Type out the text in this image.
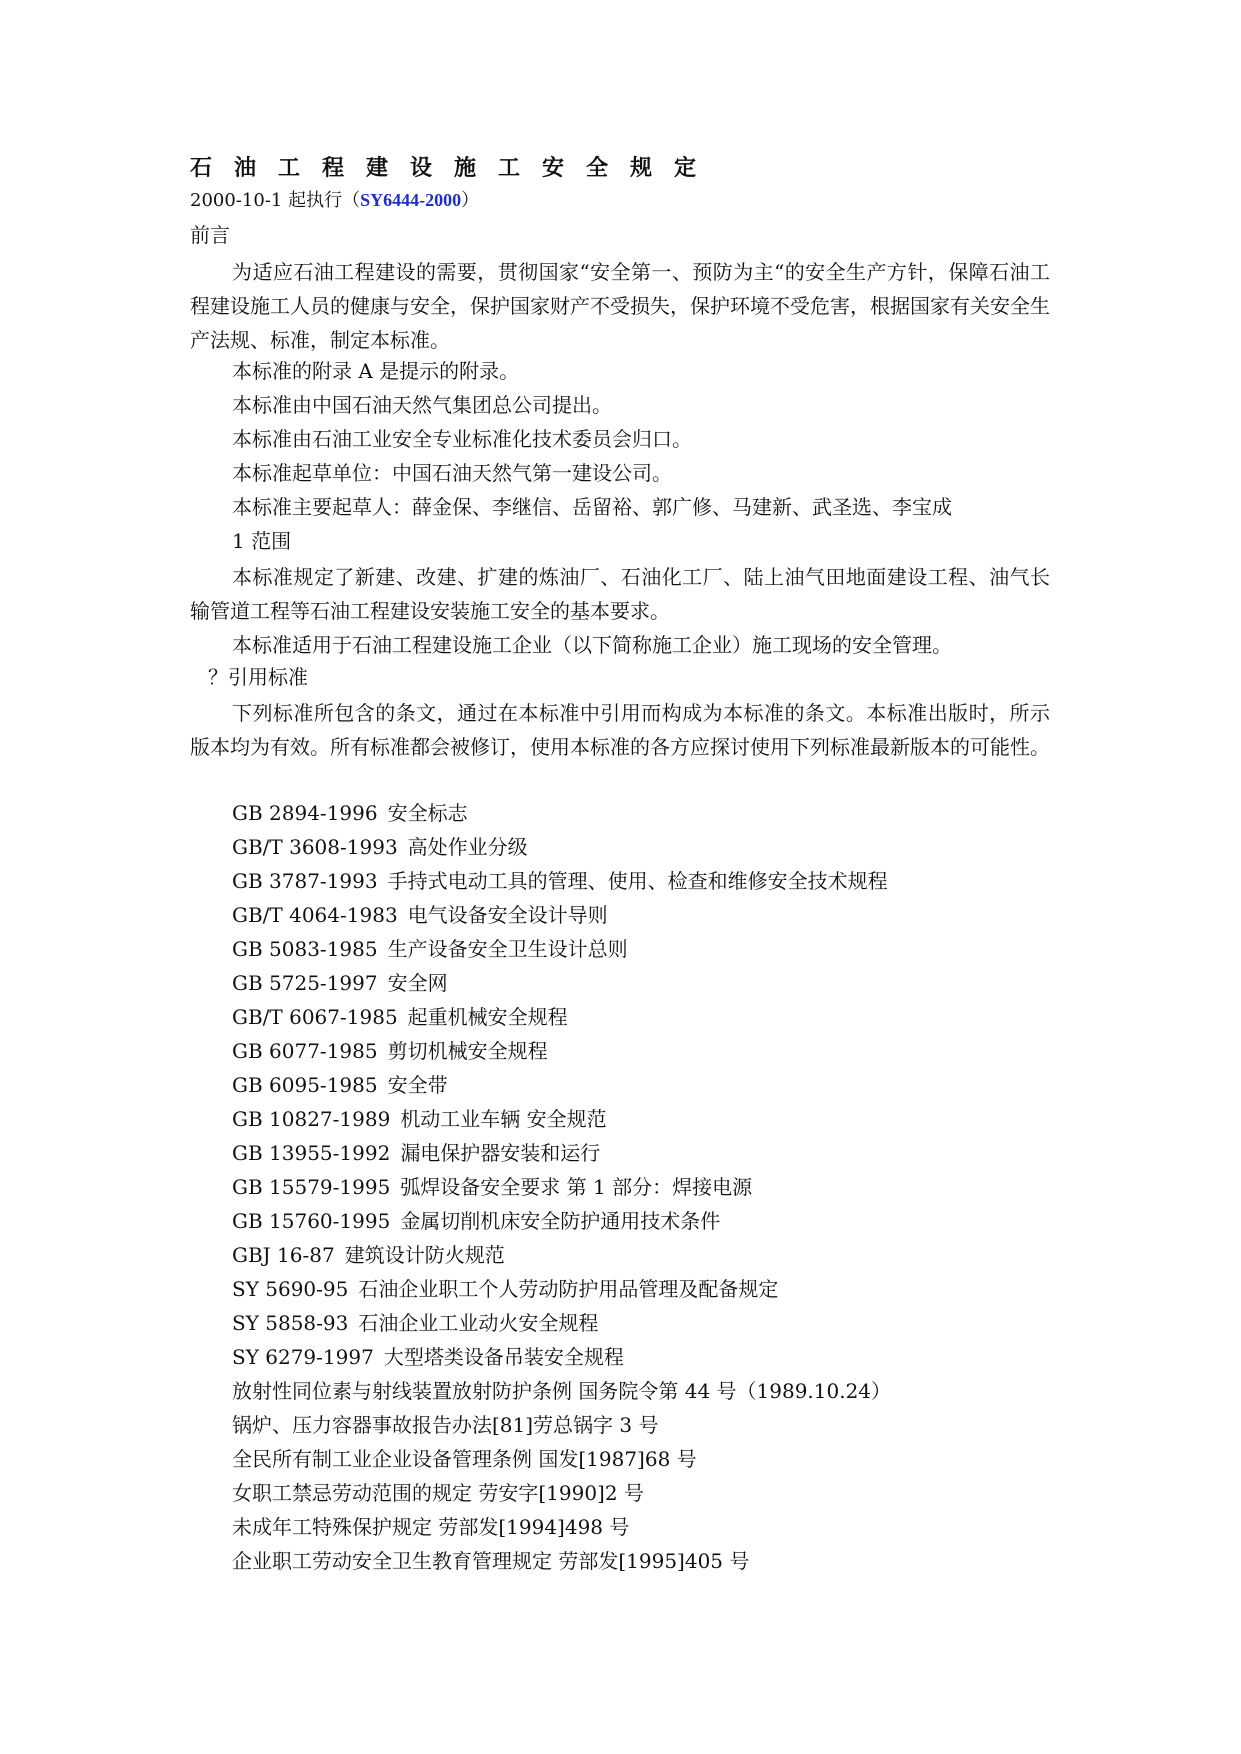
石油工程建设施工安全规定
2000-10-1 起执行（SY6444-2000）
前言
为适应石油工程建设的需要，贯彻国家“安全第一、预防为主“的安全生产方针，保障石油工程建设施工人员的健康与安全，保护国家财产不受损失，保护环境不受危害，根据国家有关安全生产法规、标准，制定本标准。
本标准的附录 A 是提示的附录。
本标准由中国石油天然气集团总公司提出。
本标准由石油工业安全专业标准化技术委员会归口。
本标准起草单位：中国石油天然气第一建设公司。
本标准主要起草人：薛金保、李继信、岳留裕、郭广修、马建新、武圣选、李宝成
1 范围
本标准规定了新建、改建、扩建的炼油厂、石油化工厂、陆上油气田地面建设工程、油气长输管道工程等石油工程建设安装施工安全的基本要求。
本标准适用于石油工程建设施工企业（以下简称施工企业）施工现场的安全管理。
？引用标准
下列标准所包含的条文，通过在本标准中引用而构成为本标准的条文。本标准出版时，所示版本均为有效。所有标准都会被修订，使用本标准的各方应探讨使用下列标准最新版本的可能性。
GB 2894-1996 安全标志
GB/T 3608-1993 高处作业分级
GB 3787-1993 手持式电动工具的管理、使用、检查和维修安全技术规程
GB/T 4064-1983 电气设备安全设计导则
GB 5083-1985 生产设备安全卫生设计总则
GB 5725-1997 安全网
GB/T 6067-1985 起重机械安全规程
GB 6077-1985 剪切机械安全规程
GB 6095-1985 安全带
GB 10827-1989 机动工业车辆 安全规范
GB 13955-1992 漏电保护器安装和运行
GB 15579-1995 弧焊设备安全要求 第 1 部分：焊接电源
GB 15760-1995 金属切削机床安全防护通用技术条件
GBJ 16-87 建筑设计防火规范
SY 5690-95 石油企业职工个人劳动防护用品管理及配备规定
SY 5858-93 石油企业工业动火安全规程
SY 6279-1997 大型塔类设备吊装安全规程
放射性同位素与射线装置放射防护条例 国务院令第 44 号（1989.10.24）
锅炉、压力容器事故报告办法[81]劳总锅字 3 号
全民所有制工业企业设备管理条例 国发[1987]68 号
女职工禁忌劳动范围的规定 劳安字[1990]2 号
未成年工特殊保护规定 劳部发[1994]498 号
企业职工劳动安全卫生教育管理规定 劳部发[1995]405 号
